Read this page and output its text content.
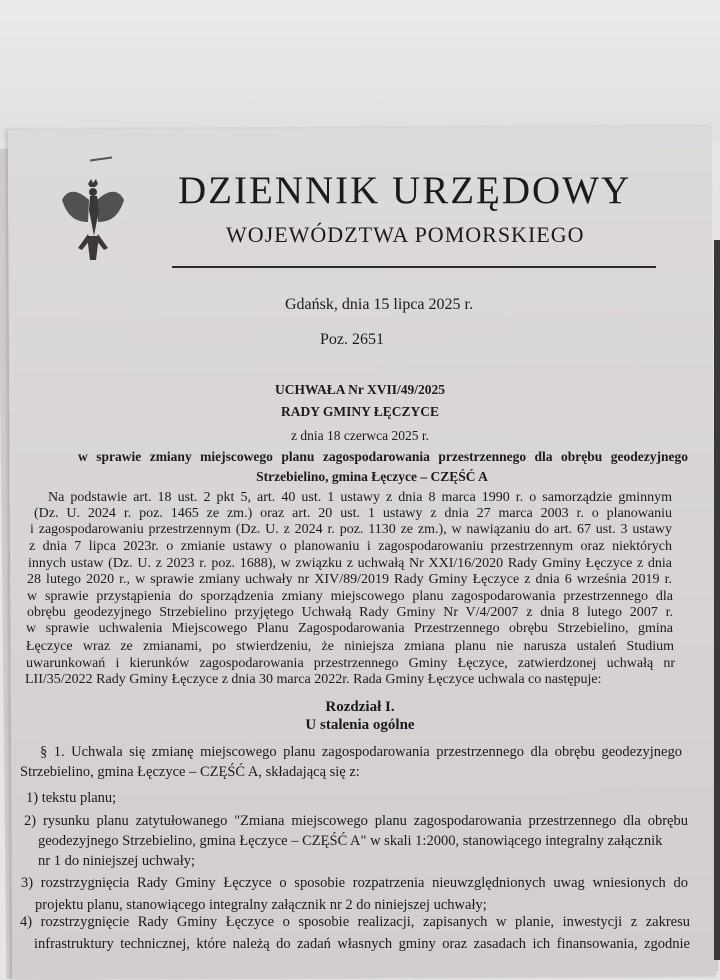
DZIENNIK URZĘDOWY
WOJEWÓDZTWA POMORSKIEGO
Gdańsk, dnia 15 lipca 2025 r.
Poz. 2651
UCHWAŁA Nr XVII/49/2025
RADY GMINY ŁĘCZYCE
z dnia 18 czerwca 2025 r.
w sprawie zmiany miejscowego planu zagospodarowania przestrzennego dla obrębu geodezyjnego
Strzebielino, gmina Łęczyce – CZĘŚĆ A
Na podstawie art. 18 ust. 2 pkt 5, art. 40 ust. 1 ustawy z dnia 8 marca 1990 r. o samorządzie gminnym
(Dz. U. 2024 r. poz. 1465 ze zm.) oraz art. 20 ust. 1 ustawy z dnia 27 marca 2003 r. o planowaniu
i zagospodarowaniu przestrzennym (Dz. U. z 2024 r. poz. 1130 ze zm.), w nawiązaniu do art. 67 ust. 3 ustawy
z dnia 7 lipca 2023r. o zmianie ustawy o planowaniu i zagospodarowaniu przestrzennym oraz niektórych
innych ustaw (Dz. U. z 2023 r. poz. 1688), w związku z uchwałą Nr XXI/16/2020 Rady Gminy Łęczyce z dnia
28 lutego 2020 r., w sprawie zmiany uchwały nr XIV/89/2019 Rady Gminy Łęczyce z dnia 6 września 2019 r.
w sprawie przystąpienia do sporządzenia zmiany miejscowego planu zagospodarowania przestrzennego dla
obrębu geodezyjnego Strzebielino przyjętego Uchwałą Rady Gminy Nr V/4/2007 z dnia 8 lutego 2007 r.
w sprawie uchwalenia Miejscowego Planu Zagospodarowania Przestrzennego obrębu Strzebielino, gmina
Łęczyce wraz ze zmianami, po stwierdzeniu, że niniejsza zmiana planu nie narusza ustaleń Studium
uwarunkowań i kierunków zagospodarowania przestrzennego Gminy Łęczyce, zatwierdzonej uchwałą nr
LII/35/2022 Rady Gminy Łęczyce z dnia 30 marca 2022r. Rada Gminy Łęczyce uchwala co następuje:
Rozdział I.
U stalenia ogólne
§ 1. Uchwala się zmianę miejscowego planu zagospodarowania przestrzennego dla obrębu geodezyjnego
Strzebielino, gmina Łęczyce – CZĘŚĆ A, składającą się z:
1) tekstu planu;
2) rysunku planu zatytułowanego "Zmiana miejscowego planu zagospodarowania przestrzennego dla obrębu
geodezyjnego Strzebielino, gmina Łęczyce – CZĘŚĆ A" w skali 1:2000, stanowiącego integralny załącznik
nr 1 do niniejszej uchwały;
3) rozstrzygnięcia Rady Gminy Łęczyce o sposobie rozpatrzenia nieuwzględnionych uwag wniesionych do
projektu planu, stanowiącego integralny załącznik nr 2 do niniejszej uchwały;
4) rozstrzygnięcie Rady Gminy Łęczyce o sposobie realizacji, zapisanych w planie, inwestycji z zakresu
infrastruktury technicznej, które należą do zadań własnych gminy oraz zasadach ich finansowania, zgodnie
